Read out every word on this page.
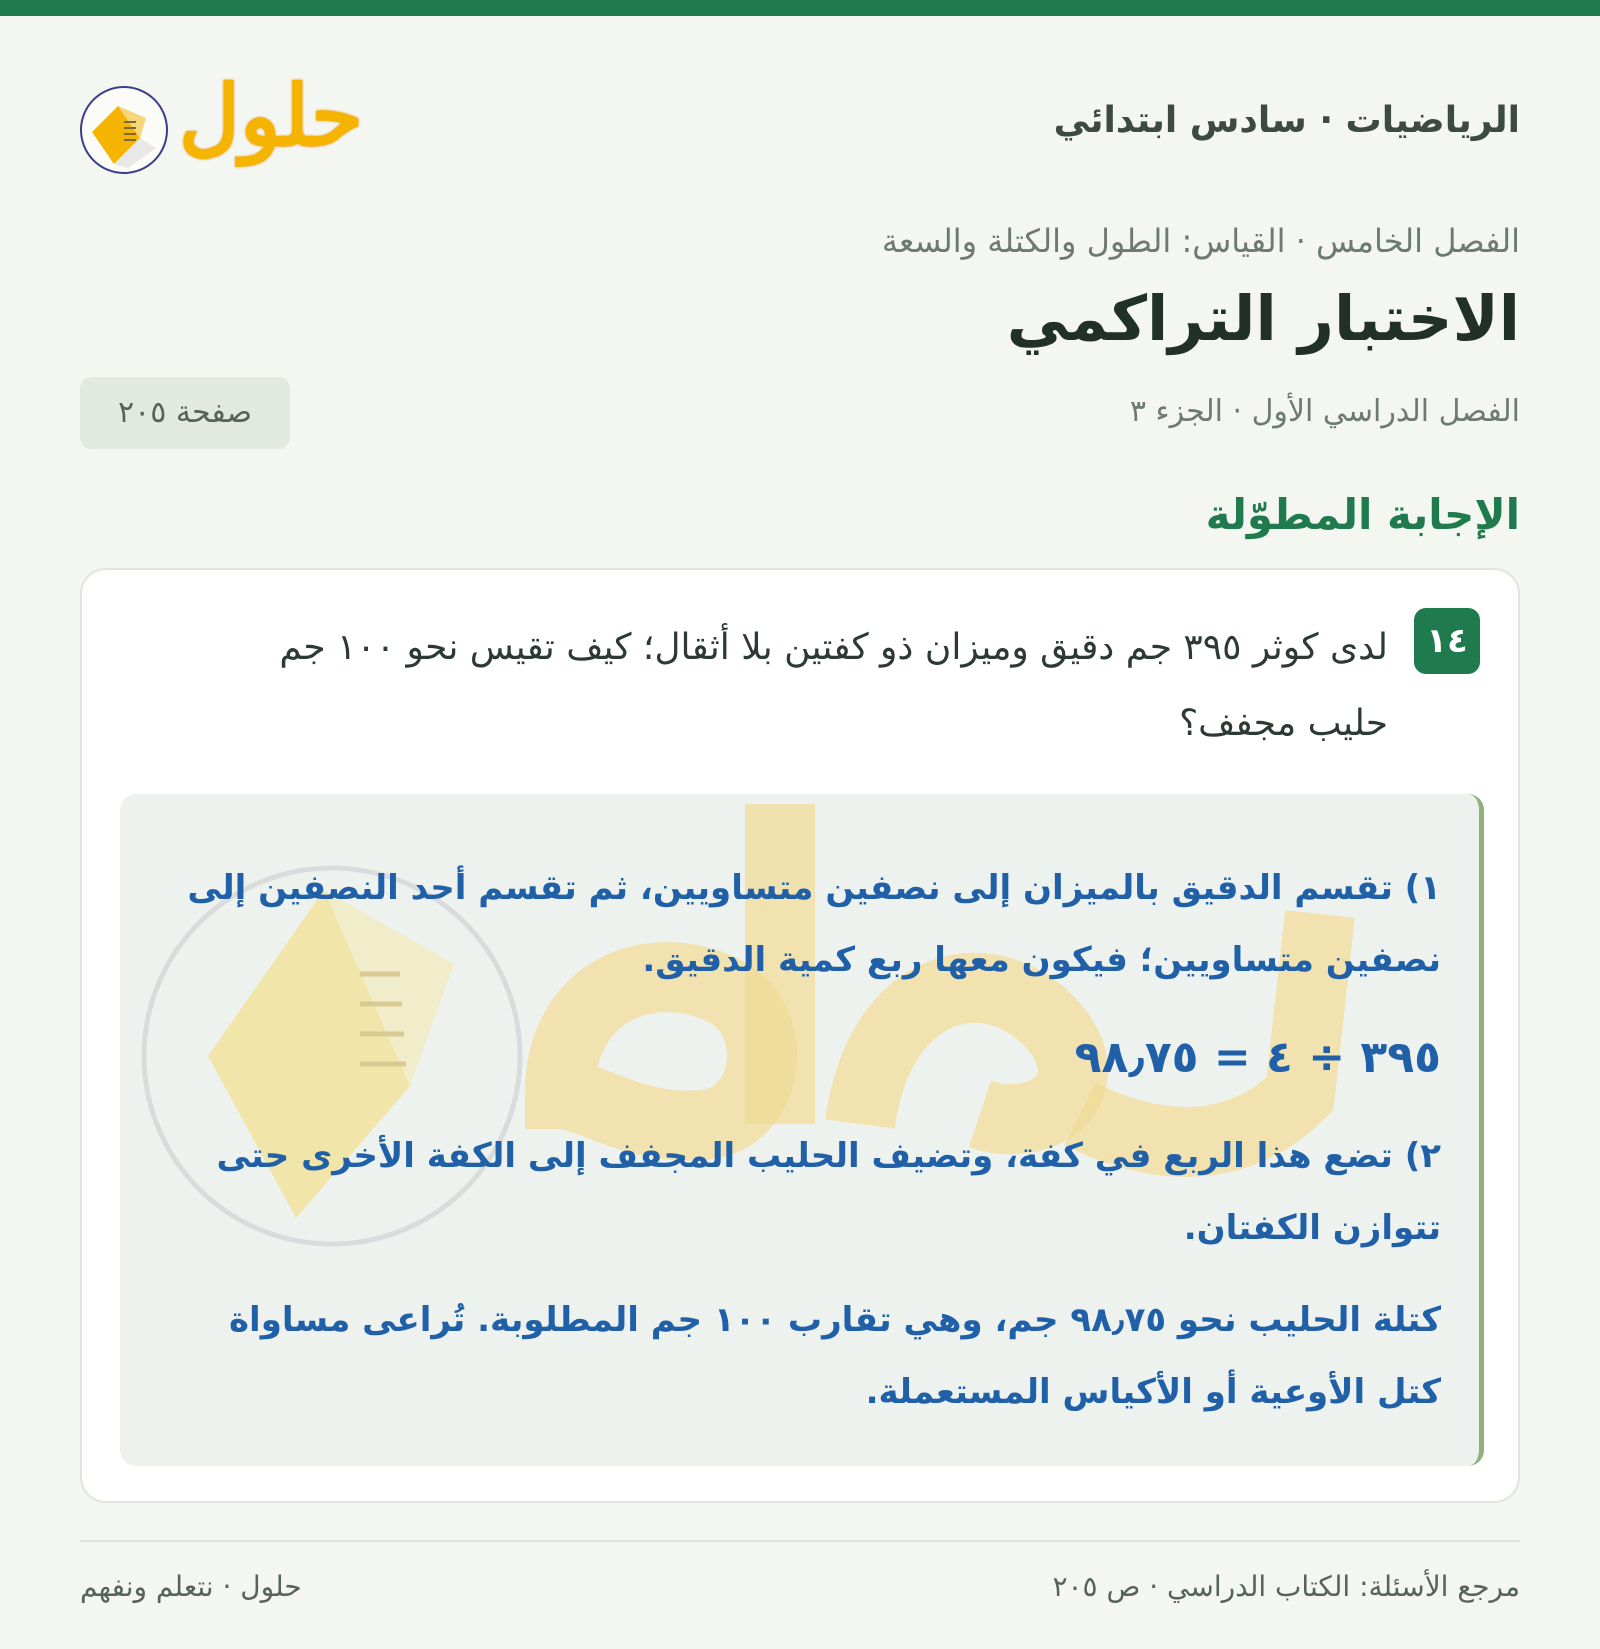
الرياضيات · سادس ابتدائي
حلول
الفصل الخامس · القياس: الطول والكتلة والسعة
الاختبار التراكمي
الفصل الدراسي الأول · الجزء ٣
صفحة ٢٠٥
الإجابة المطوّلة
١٤

لدى كوثر ٣٩٥ جم دقيق وميزان ذو كفتين بلا أثقال؛ كيف تقيس نحو ١٠٠ جم حليب مجفف؟

١) تقسم الدقيق بالميزان إلى نصفين متساويين، ثم تقسم أحد النصفين إلى نصفين متساويين؛ فيكون معها ربع كمية الدقيق.

٣٩٥ ÷ ٤ = ٩٨٫٧٥

٢) تضع هذا الربع في كفة، وتضيف الحليب المجفف إلى الكفة الأخرى حتى تتوازن الكفتان.

كتلة الحليب نحو ٩٨٫٧٥ جم، وهي تقارب ١٠٠ جم المطلوبة. تُراعى مساواة كتل الأوعية أو الأكياس المستعملة.

مرجع الأسئلة: الكتاب الدراسي · ص ٢٠٥
حلول · نتعلم ونفهم
